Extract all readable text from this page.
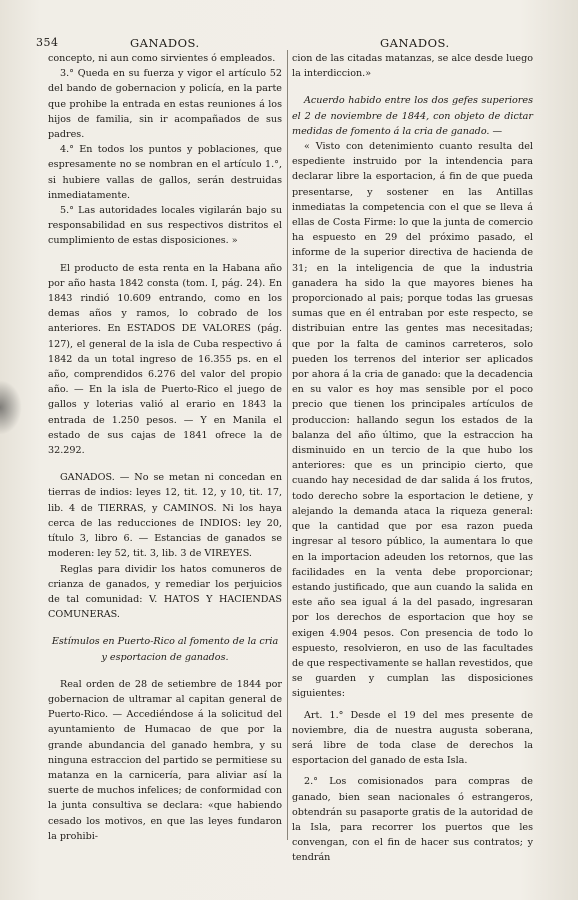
354	GANADOS.	GANADOS.

concepto, ni aun como sirvientes ó empleados.

3.° Queda en su fuerza y vigor el artículo 52 del bando de gobernacion y policía, en la parte que prohibe la entrada en estas reuniones á los hijos de familia, sin ir acompañados de sus padres.

4.° En todos los puntos y poblaciones, que espresamente no se nombran en el artículo 1.°, si hubiere vallas de gallos, serán destruidas inmediatamente.

5.° Las autoridades locales vigilarán bajo su responsabilidad en sus respectivos distritos el cumplimiento de estas disposiciones. »

El producto de esta renta en la Habana año por año hasta 1842 consta (tom. I, pág. 24). En 1843 rindió 10.609 entrando, como en los demas años y ramos, lo cobrado de los anteriores. En ESTADOS DE VALORES (pág. 127), el general de la isla de Cuba respectivo á 1842 da un total ingreso de 16.355 ps. en el año, comprendidos 6.276 del valor del propio año. — En la isla de Puerto-Rico el juego de gallos y loterias valió al erario en 1843 la entrada de 1.250 pesos. — Y en Manila el estado de sus cajas de 1841 ofrece la de 32.292.

GANADOS. — No se metan ni concedan en tierras de indios: leyes 12, tit. 12, y 10, tit. 17, lib. 4 de TIERRAS, y CAMINOS. Ni los haya cerca de las reducciones de INDIOS: ley 20, título 3, libro 6. — Estancias de ganados se moderen: ley 52, tit. 3, lib. 3 de VIREYES.

Reglas para dividir los hatos comuneros de crianza de ganados, y remediar los perjuicios de tal comunidad: V. HATOS Y HACIENDAS COMUNERAS.

Estímulos en Puerto-Rico al fomento de la cria y esportacion de ganados.

Real orden de 28 de setiembre de 1844 por gobernacion de ultramar al capitan general de Puerto-Rico. — Accediéndose á la solicitud del ayuntamiento de Humacao de que por la grande abundancia del ganado hembra, y su ninguna estraccion del partido se permitiese su matanza en la carnicería, para aliviar así la suerte de muchos infelices; de conformidad con la junta consultiva se declara: «que habiendo cesado los motivos, en que las leyes fundaron la prohibi-

cion de las citadas matanzas, se alce desde luego la interdiccion.»

Acuerdo habido entre los dos gefes superiores el 2 de noviembre de 1844, con objeto de dictar medidas de fomento á la cria de ganado. —

« Visto con detenimiento cuanto resulta del espediente instruido por la intendencia para declarar libre la esportacion, á fin de que pueda presentarse, y sostener en las Antillas inmediatas la competencia con el que se lleva á ellas de Costa Firme: lo que la junta de comercio ha espuesto en 29 del próximo pasado, el informe de la superior directiva de hacienda de 31; en la inteligencia de que la industria ganadera ha sido la que mayores bienes ha proporcionado al pais; porque todas las gruesas sumas que en él entraban por este respecto, se distribuian entre las gentes mas necesitadas; que por la falta de caminos carreteros, solo pueden los terrenos del interior ser aplicados por ahora á la cria de ganado: que la decadencia en su valor es hoy mas sensible por el poco precio que tienen los principales artículos de produccion: hallando segun los estados de la balanza del año último, que la estraccion ha disminuido en un tercio de la que hubo los anteriores: que es un principio cierto, que cuando hay necesidad de dar salida á los frutos, todo derecho sobre la esportacion le detiene, y alejando la demanda ataca la riqueza general: que la cantidad que por esa razon pueda ingresar al tesoro público, la aumentara lo que en la importacion adeuden los retornos, que las facilidades en la venta debe proporcionar; estando justificado, que aun cuando la salida en este año sea igual á la del pasado, ingresaran por los derechos de esportacion que hoy se exigen 4.904 pesos. Con presencia de todo lo espuesto, resolvieron, en uso de las facultades de que respectivamente se hallan revestidos, que se guarden y cumplan las disposiciones siguientes:

Art. 1.° Desde el 19 del mes presente de noviembre, dia de nuestra augusta soberana, será libre de toda clase de derechos la esportacion del ganado de esta Isla.

2.° Los comisionados para compras de ganado, bien sean nacionales ó estrangeros, obtendrán su pasaporte gratis de la autoridad de la Isla, para recorrer los puertos que les convengan, con el fin de hacer sus contratos; y tendrán
